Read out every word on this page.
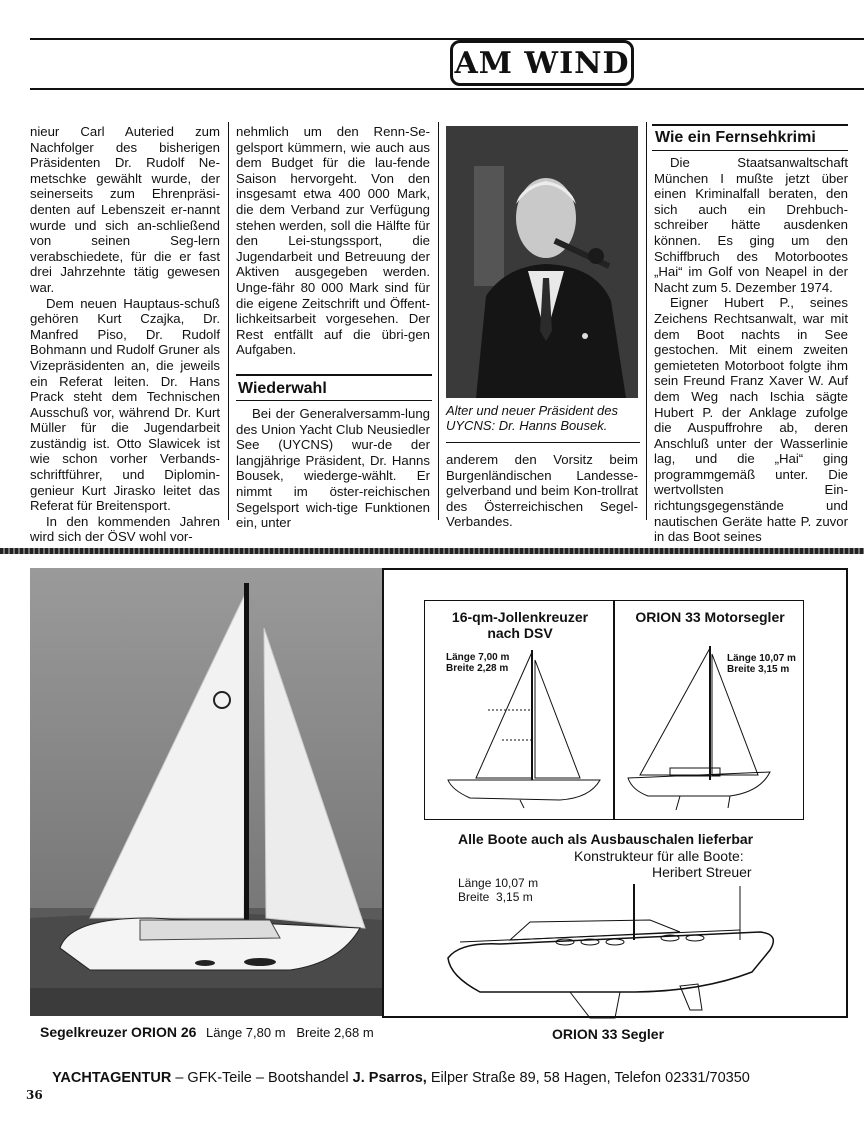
AM WIND

nieur Carl Auteried zum Nachfolger des bisherigen Präsidenten Dr. Rudolf Ne-metschke gewählt wurde, der seinerseits zum Ehrenpräsi-denten auf Lebenszeit er-nannt wurde und sich an-schließend von seinen Seg-lern verabschiedete, für die er fast drei Jahrzehnte tätig gewesen war.

Dem neuen Hauptaus-schuß gehören Kurt Czajka, Dr. Manfred Piso, Dr. Rudolf Bohmann und Rudolf Gruner als Vizepräsidenten an, die jeweils ein Referat leiten. Dr. Hans Prack steht dem Technischen Ausschuß vor, während Dr. Kurt Müller für die Jugendarbeit zuständig ist. Otto Slawicek ist wie schon vorher Verbands-schriftführer, und Diplomin-genieur Kurt Jirasko leitet das Referat für Breitensport.

In den kommenden Jahren wird sich der ÖSV wohl vor-

nehmlich um den Renn-Se-gelsport kümmern, wie auch aus dem Budget für die lau-fende Saison hervorgeht. Von den insgesamt etwa 400 000 Mark, die dem Verband zur Verfügung stehen werden, soll die Hälfte für den Lei-stungssport, die Jugendarbeit und Betreuung der Aktiven ausgegeben werden. Unge-fähr 80 000 Mark sind für die eigene Zeitschrift und Öffent-lichkeitsarbeit vorgesehen. Der Rest entfällt auf die übri-gen Aufgaben.

Wiederwahl

Bei der Generalversamm-lung des Union Yacht Club Neusiedler See (UYCNS) wur-de der langjährige Präsident, Dr. Hanns Bousek, wiederge-wählt. Er nimmt im öster-reichischen Segelsport wich-tige Funktionen ein, unter

Alter und neuer Präsident des UYCNS: Dr. Hanns Bousek.

anderem den Vorsitz beim Burgenländischen Landesse-gelverband und beim Kon-trollrat des Österreichischen Segel-Verbandes.

Wie ein Fernsehkrimi

Die Staatsanwaltschaft München I mußte jetzt über einen Kriminalfall beraten, den sich auch ein Drehbuch-schreiber hätte ausdenken können. Es ging um den Schiffbruch des Motorbootes „Hai“ im Golf von Neapel in der Nacht zum 5. Dezember 1974.

Eigner Hubert P., seines Zeichens Rechtsanwalt, war mit dem Boot nachts in See gestochen. Mit einem zweiten gemieteten Motorboot folgte ihm sein Freund Franz Xaver W. Auf dem Weg nach Ischia sägte Hubert P. der Anklage zufolge die Auspuffrohre ab, deren Anschluß unter der Wasserlinie lag, und die „Hai“ ging programmgemäß unter. Die wertvollsten Ein-richtungsgegenstände und nautischen Geräte hatte P. zuvor in das Boot seines

16-qm-Jollenkreuzer nach DSV
Länge 7,00 m
Breite 2,28 m
ORION 33 Motorsegler
Länge 10,07 m
Breite 3,15 m
Alle Boote auch als Ausbauschalen lieferbar
Konstrukteur für alle Boote:
Heribert Streuer
Länge 10,07 m
Breite  3,15 m
ORION 33 Segler
Segelkreuzer ORION 26 Länge 7,80 m   Breite 2,68 m

YACHTAGENTUR – GFK-Teile – Bootshandel J. Psarros, Eilper Straße 89, 58 Hagen, Telefon 02331/70350

36
